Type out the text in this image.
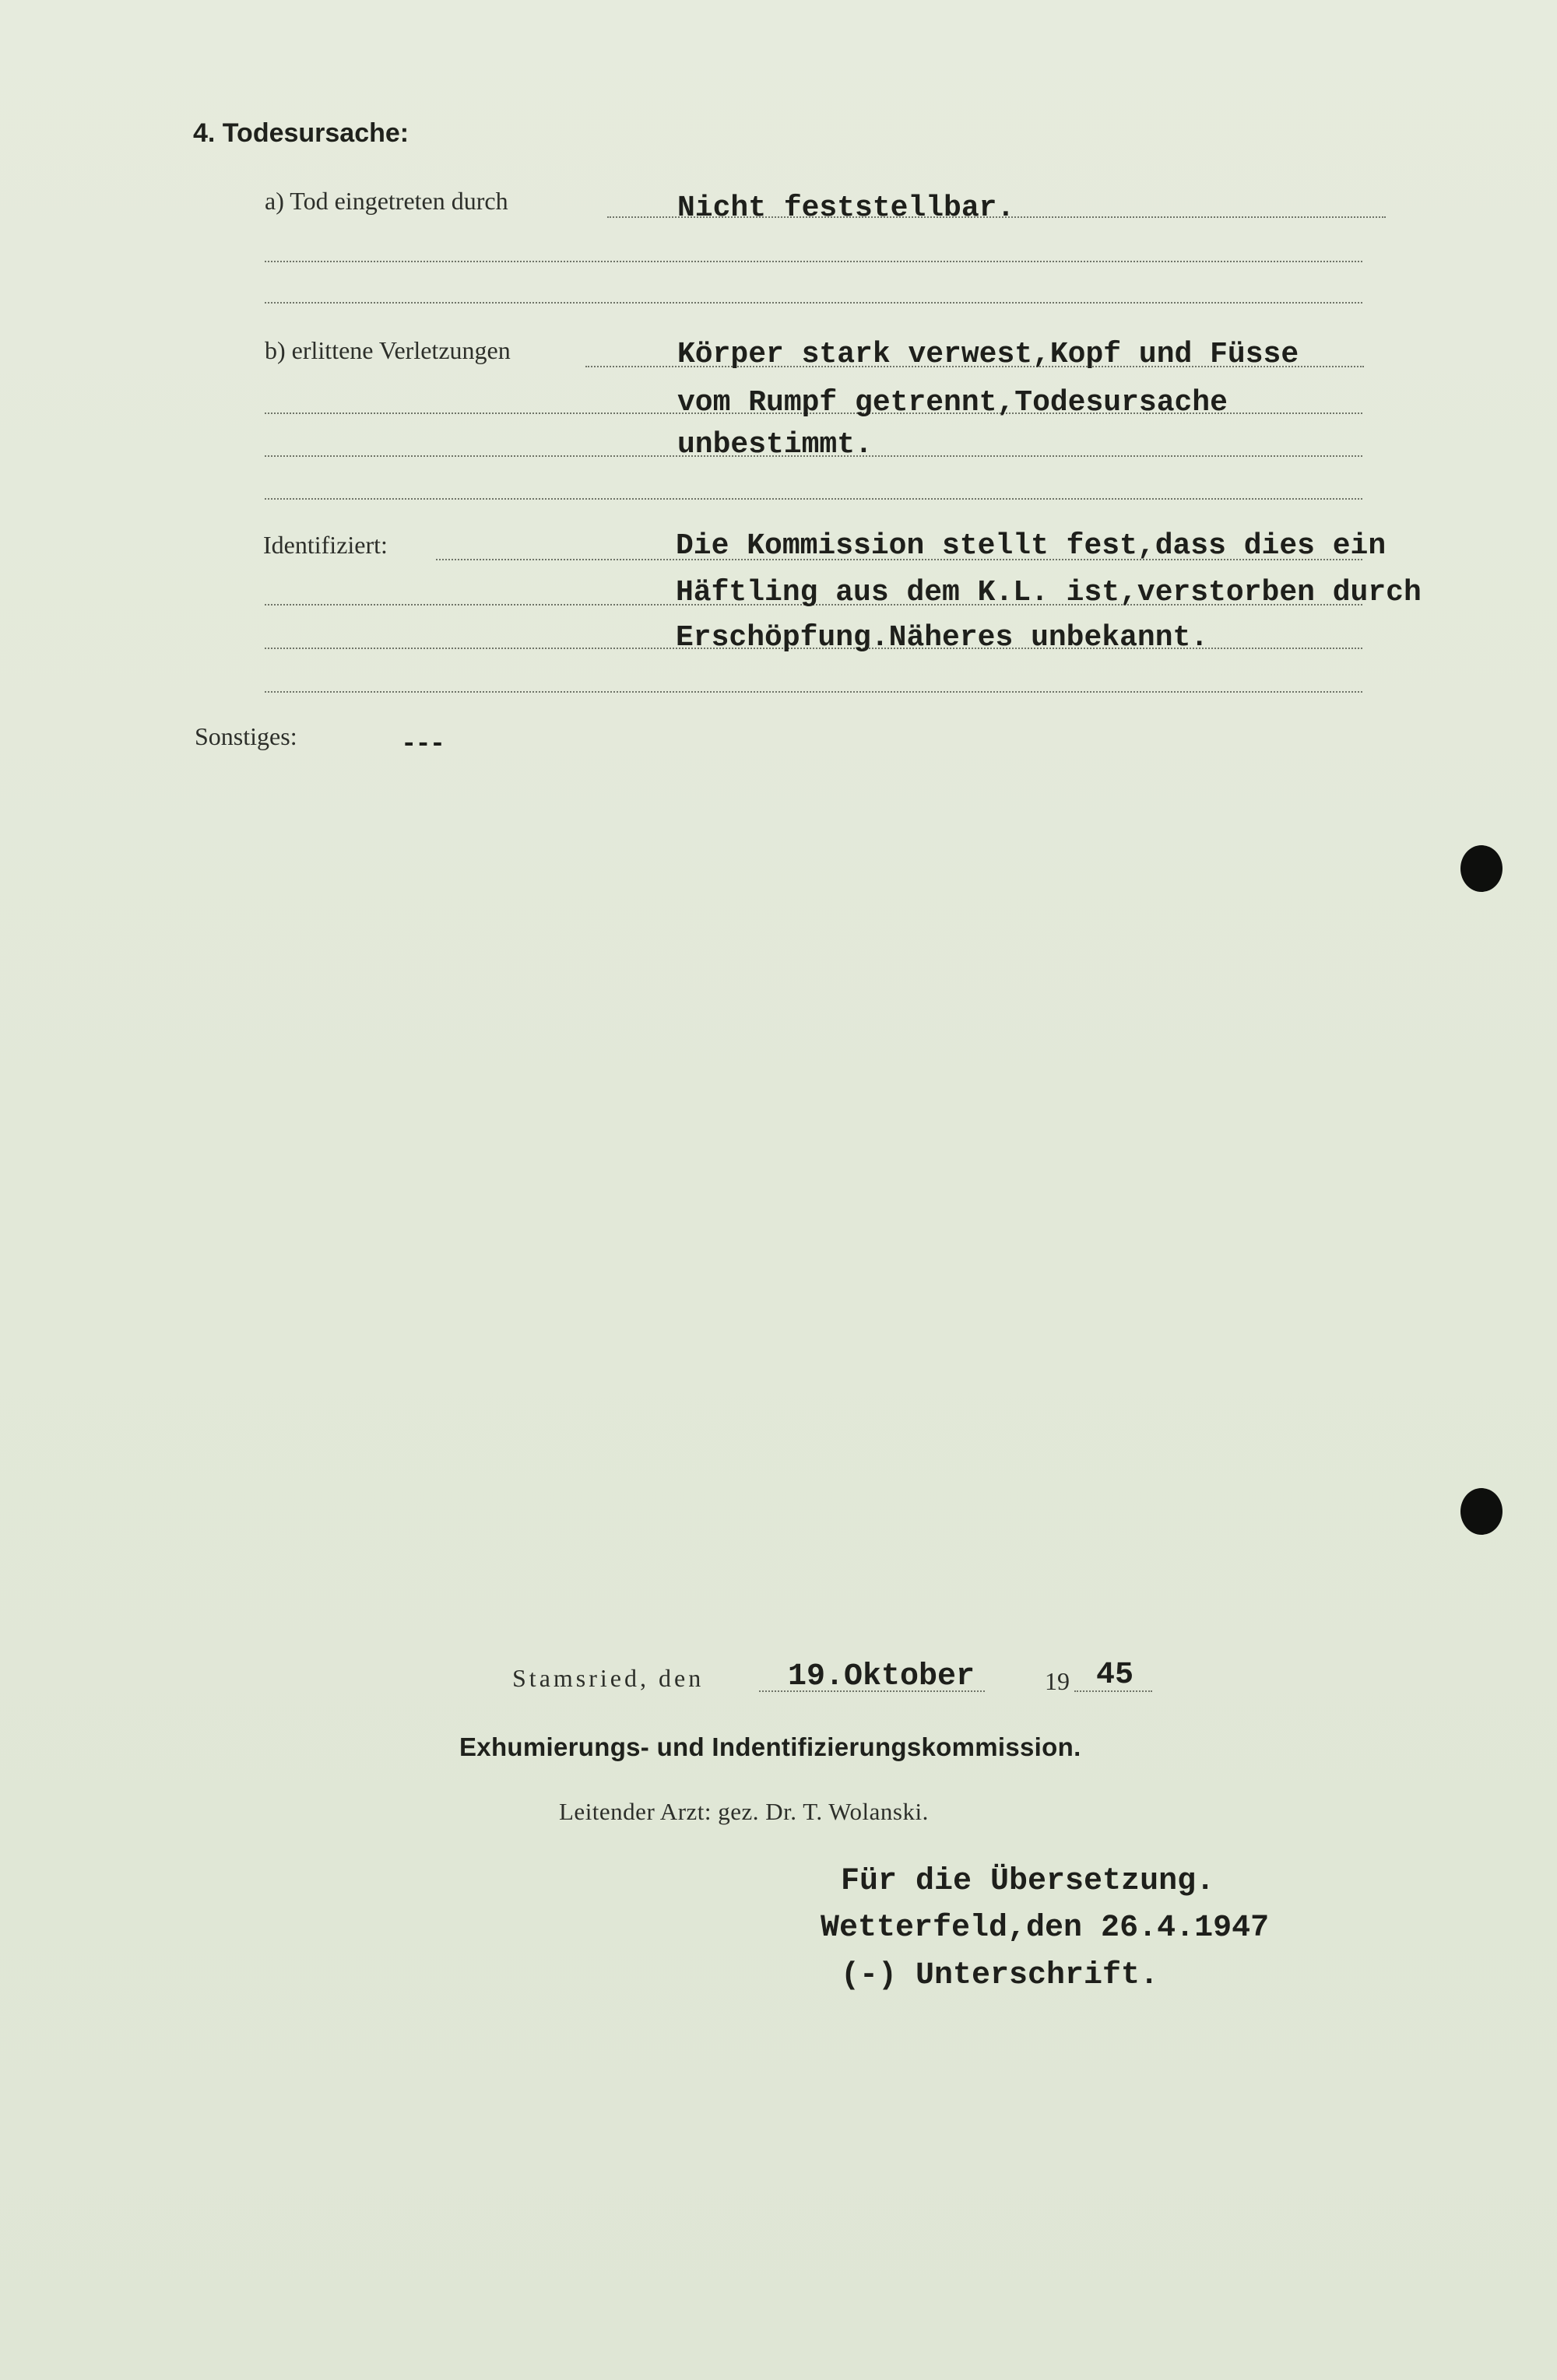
4. Todesursache:
a) Tod eingetreten durch	Nicht feststellbar.
b) erlittene Verletzungen	Körper stark verwest,Kopf und Füsse
vom Rumpf getrennt,Todesursache
unbestimmt.
Identifiziert:	Die Kommission stellt fest,dass dies ein
Häftling aus dem K.L. ist,verstorben durch
Erschöpfung.Näheres unbekannt.
Sonstiges:	---
Stamsried, den	19.Oktober	19 45
Exhumierungs- und Indentifizierungskommission.
Leitender Arzt: gez. Dr. T. Wolanski.
Für die Übersetzung.
Wetterfeld,den 26.4.1947
(-) Unterschrift.
